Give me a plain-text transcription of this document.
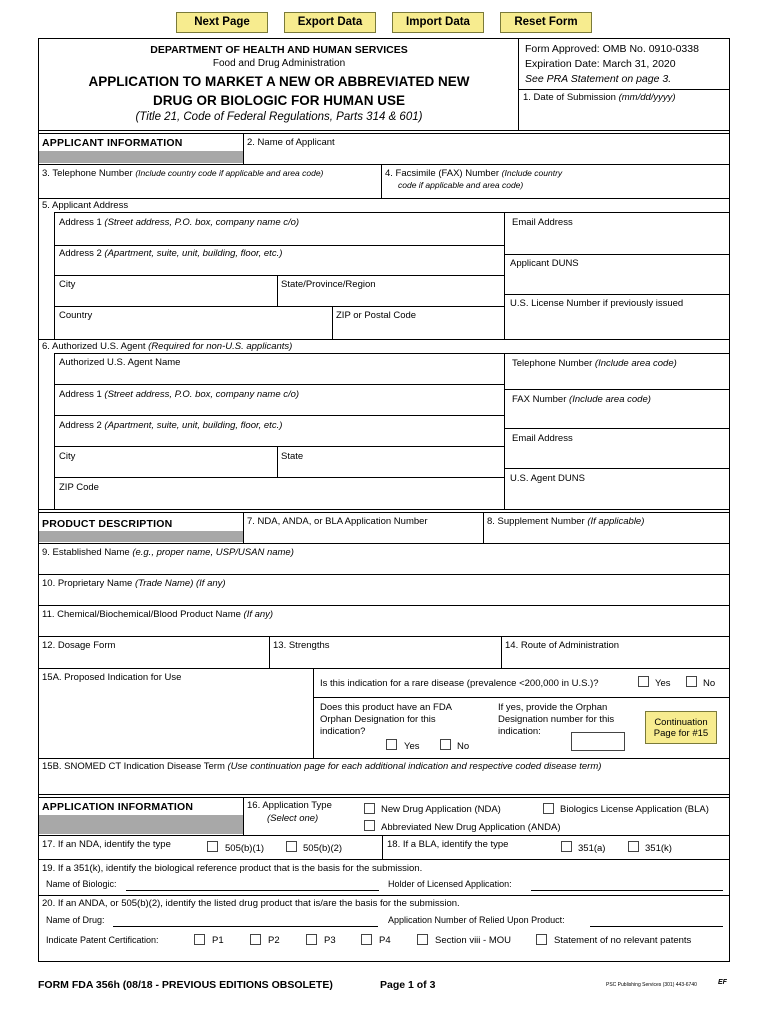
Next Page	Export Data	Import Data	Reset Form
DEPARTMENT OF HEALTH AND HUMAN SERVICES
Food and Drug Administration
APPLICATION TO MARKET A NEW OR ABBREVIATED NEW
DRUG OR BIOLOGIC FOR HUMAN USE
(Title 21, Code of Federal Regulations, Parts 314 & 601)
Form Approved: OMB No. 0910-0338
Expiration Date: March 31, 2020
See PRA Statement on page 3.
1. Date of Submission (mm/dd/yyyy)
APPLICANT INFORMATION	2. Name of Applicant
3. Telephone Number (Include country code if applicable and area code)	4. Facsimile (FAX) Number (Include country
code if applicable and area code)
5. Applicant Address
Address 1 (Street address, P.O. box, company name c/o)
Address 2 (Apartment, suite, unit, building, floor, etc.)
City	State/Province/Region
Country	ZIP or Postal Code
Email Address
Applicant DUNS
U.S. License Number if previously issued
6. Authorized U.S. Agent (Required for non-U.S. applicants)
Authorized U.S. Agent Name
Address 1 (Street address, P.O. box, company name c/o)
Address 2 (Apartment, suite, unit, building, floor, etc.)
City	State
ZIP Code
Telephone Number (Include area code)
FAX Number (Include area code)
Email Address
U.S. Agent DUNS
PRODUCT DESCRIPTION	7. NDA, ANDA, or BLA Application Number	8. Supplement Number (If applicable)
9. Established Name (e.g., proper name, USP/USAN name)
10. Proprietary Name (Trade Name) (If any)
11. Chemical/Biochemical/Blood Product Name (If any)
12. Dosage Form	13. Strengths	14. Route of Administration
15A. Proposed Indication for Use
Is this indication for a rare disease (prevalence <200,000 in U.S.)?	Yes	No
Does this product have an FDA
Orphan Designation for this
indication?
Yes	No
If yes, provide the Orphan
Designation number for this
indication:
Continuation
Page for #15
15B. SNOMED CT Indication Disease Term (Use continuation page for each additional indication and respective coded disease term)
APPLICATION INFORMATION	16. Application Type
(Select one)
New Drug Application (NDA)	Biologics License Application (BLA)
Abbreviated New Drug Application (ANDA)
17. If an NDA, identify the type	505(b)(1)	505(b)(2)	18. If a BLA, identify the type	351(a)	351(k)
19. If a 351(k), identify the biological reference product that is the basis for the submission.
Name of Biologic:	Holder of Licensed Application:
20. If an ANDA, or 505(b)(2), identify the listed drug product that is/are the basis for the submission.
Name of Drug:	Application Number of Relied Upon Product:
Indicate Patent Certification:	P1	P2	P3	P4	Section viii - MOU	Statement of no relevant patents
FORM FDA 356h (08/18 - PREVIOUS EDITIONS OBSOLETE)	Page 1 of 3	PSC Publishing Services (301) 443-6740	EF
